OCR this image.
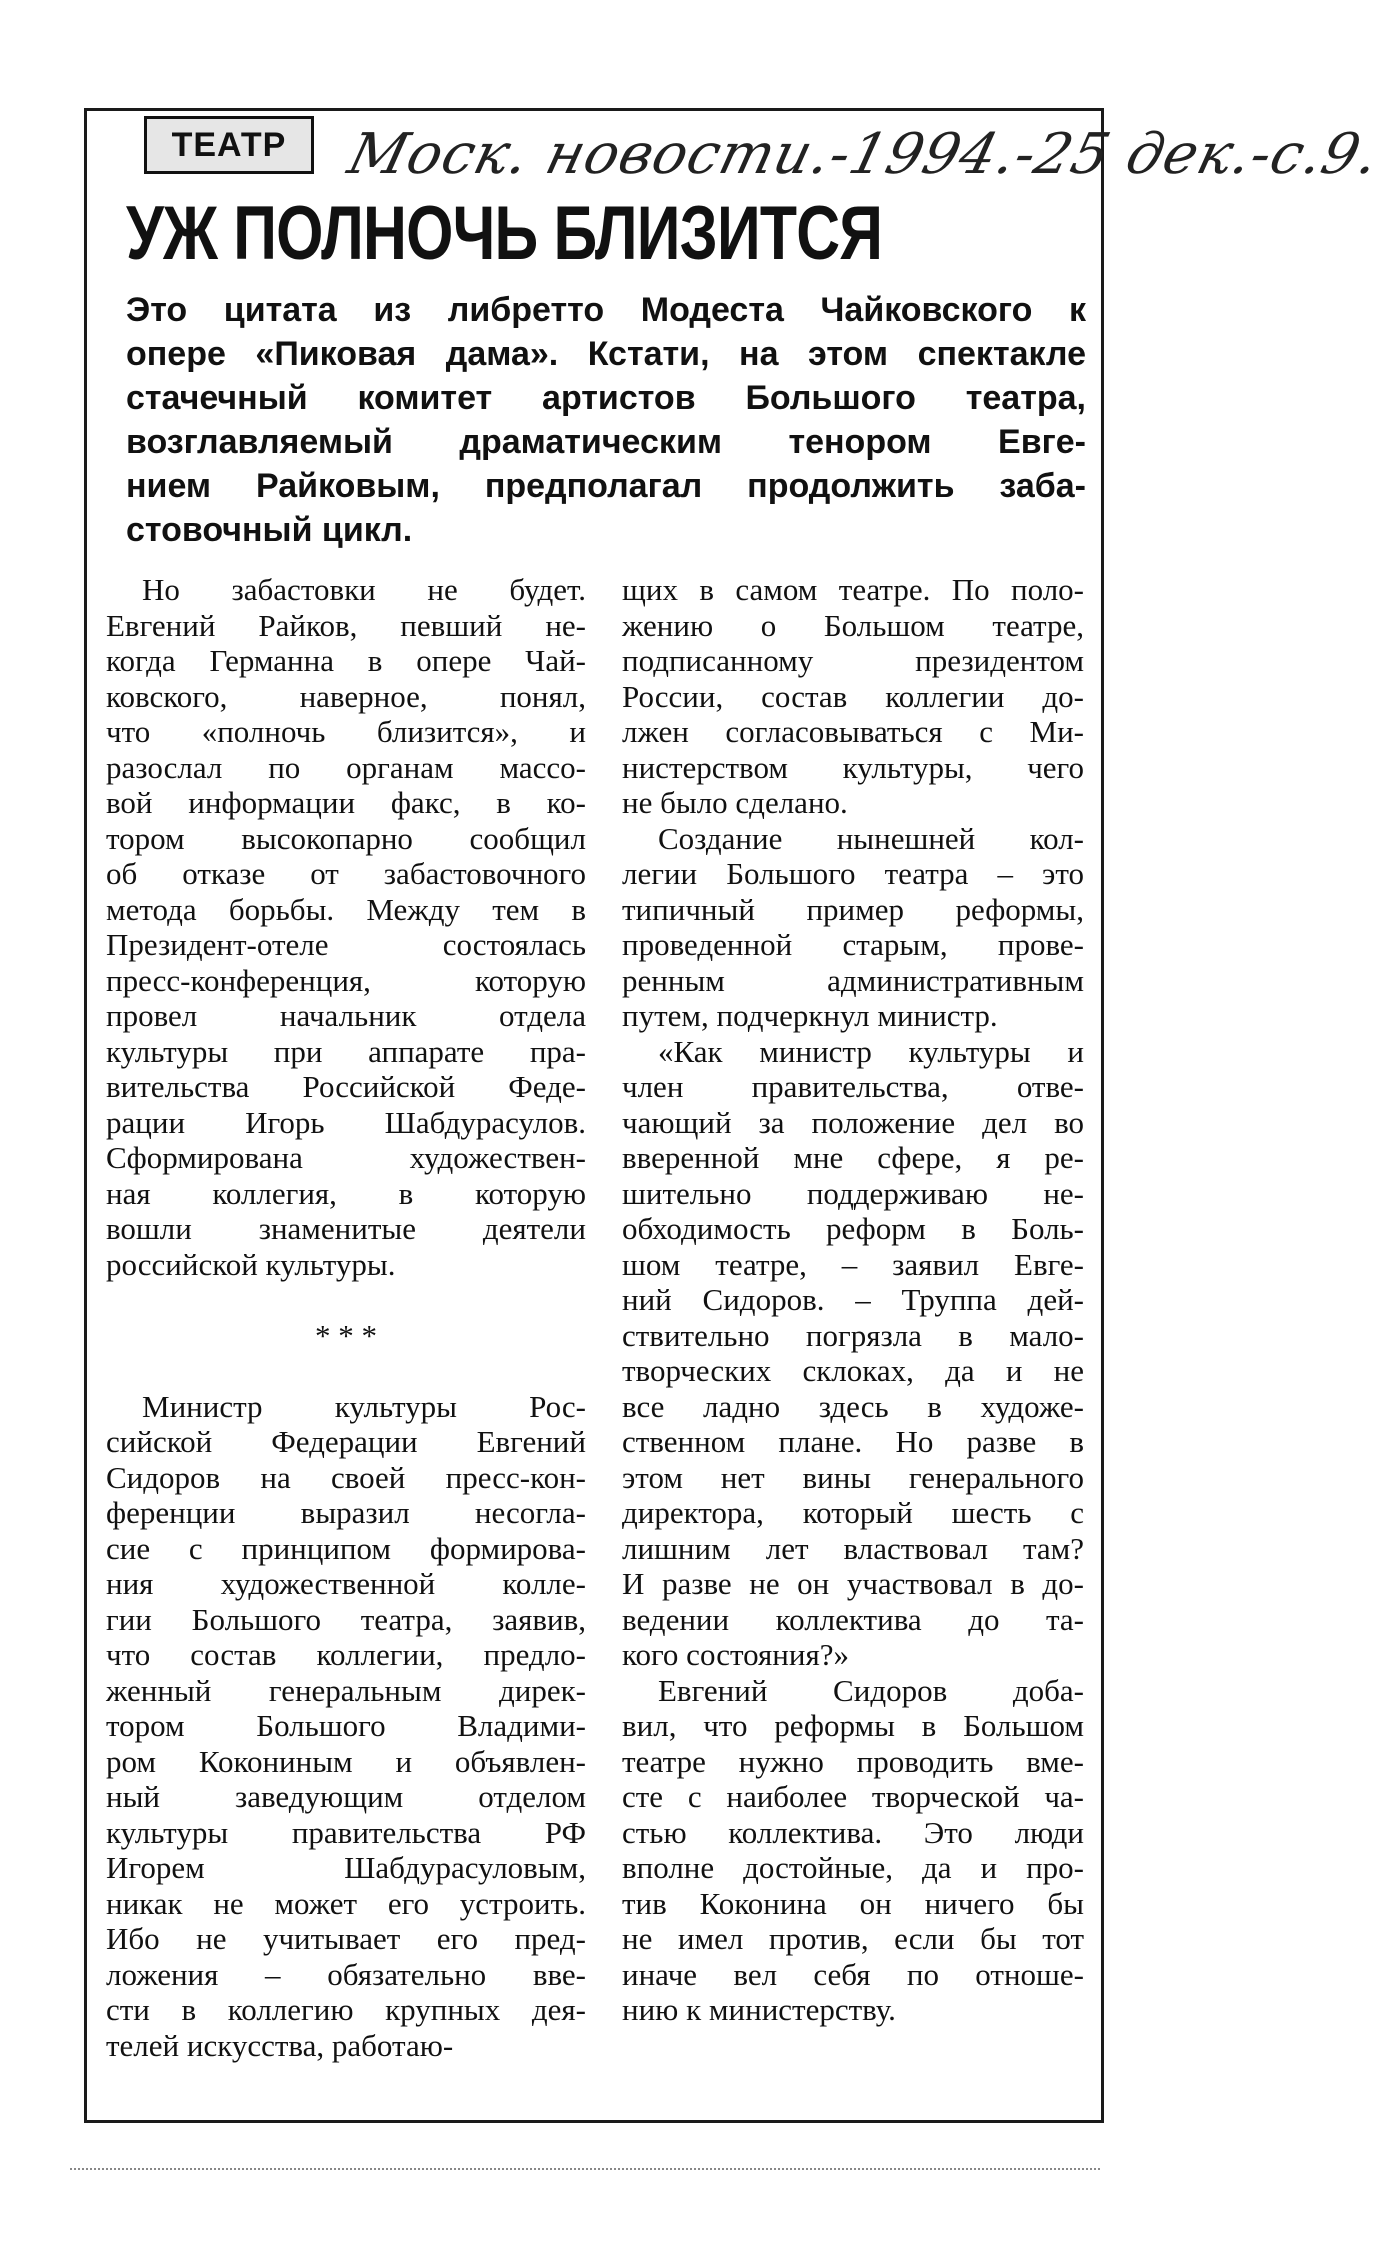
ТЕАТР Моск. новости.-1994.-25 дек.-с.9.
УЖ ПОЛНОЧЬ БЛИЗИТСЯ
Это цитата из либретто Модеста Чайковского к
опере «Пиковая дама». Кстати, на этом спектакле
стачечный комитет артистов Большого театра,
возглавляемый драматическим тенором Евге-
нием Райковым, предполагал продолжить заба-
стовочный цикл.
Но забастовки не будет.
Евгений Райков, певший не-
когда Германна в опере Чай-
ковского, наверное, понял,
что «полночь близится», и
разослал по органам массо-
вой информации факс, в ко-
тором высокопарно сообщил
об отказе от забастовочного
метода борьбы. Между тем в
Президент-отеле состоялась
пресс-конференция, которую
провел начальник отдела
культуры при аппарате пра-
вительства Российской Феде-
рации Игорь Шабдурасулов.
Сформирована художествен-
ная коллегия, в которую
вошли знаменитые деятели
российской культуры.
* * *
Министр культуры Рос-
сийской Федерации Евгений
Сидоров на своей пресс-кон-
ференции выразил несогла-
сие с принципом формирова-
ния художественной колле-
гии Большого театра, заявив,
что состав коллегии, предло-
женный генеральным дирек-
тором Большого Владими-
ром Кокониным и объявлен-
ный заведующим отделом
культуры правительства РФ
Игорем Шабдурасуловым,
никак не может его устроить.
Ибо не учитывает его пред-
ложения – обязательно вве-
сти в коллегию крупных дея-
телей искусства, работаю-
щих в самом театре. По поло-
жению о Большом театре,
подписанному президентом
России, состав коллегии до-
лжен согласовываться с Ми-
нистерством культуры, чего
не было сделано.
Создание нынешней кол-
легии Большого театра – это
типичный пример реформы,
проведенной старым, прове-
ренным административным
путем, подчеркнул министр.
«Как министр культуры и
член правительства, отве-
чающий за положение дел во
вверенной мне сфере, я ре-
шительно поддерживаю не-
обходимость реформ в Боль-
шом театре, – заявил Евге-
ний Сидоров. – Труппа дей-
ствительно погрязла в мало-
творческих склоках, да и не
все ладно здесь в художе-
ственном плане. Но разве в
этом нет вины генерального
директора, который шесть с
лишним лет властвовал там?
И разве не он участвовал в до-
ведении коллектива до та-
кого состояния?»
Евгений Сидоров доба-
вил, что реформы в Большом
театре нужно проводить вме-
сте с наиболее творческой ча-
стью коллектива. Это люди
вполне достойные, да и про-
тив Коконина он ничего бы
не имел против, если бы тот
иначе вел себя по отноше-
нию к министерству.
